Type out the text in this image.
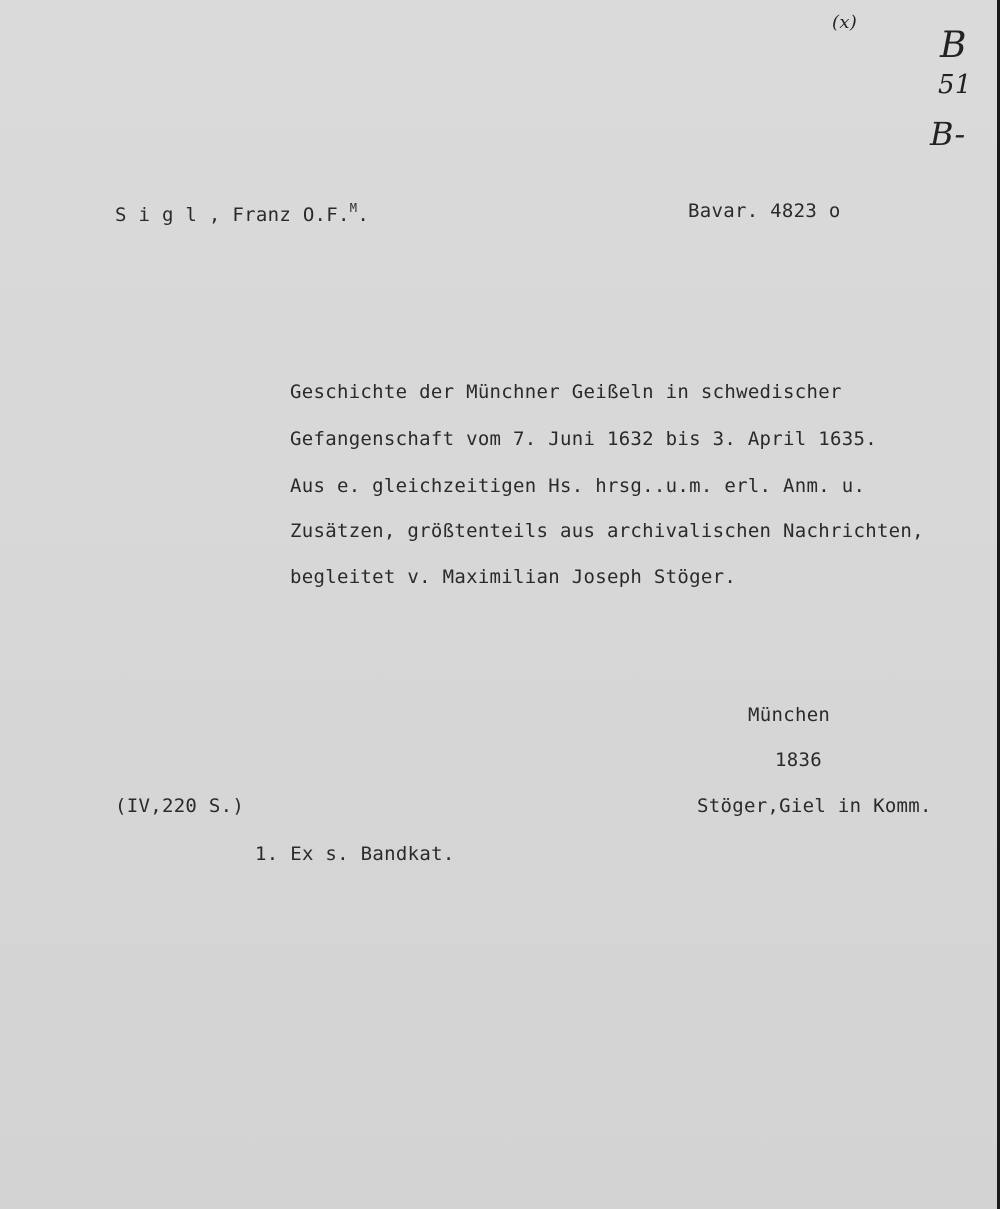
(x)
B
51
B-
S i g l , Franz O.F.$^M$.	Bavar. 4823 o
Geschichte der Münchner Geißeln in schwedischer
Gefangenschaft vom 7. Juni 1632 bis 3. April 1635.
Aus e. gleichzeitigen Hs. hrsg..u.m. erl. Anm. u.
Zusätzen, größtenteils aus archivalischen Nachrichten,
begleitet v. Maximilian Joseph Stöger.
München
1836
(IV,220 S.)	Stöger,Giel in Komm.
1. Ex s. Bandkat.
